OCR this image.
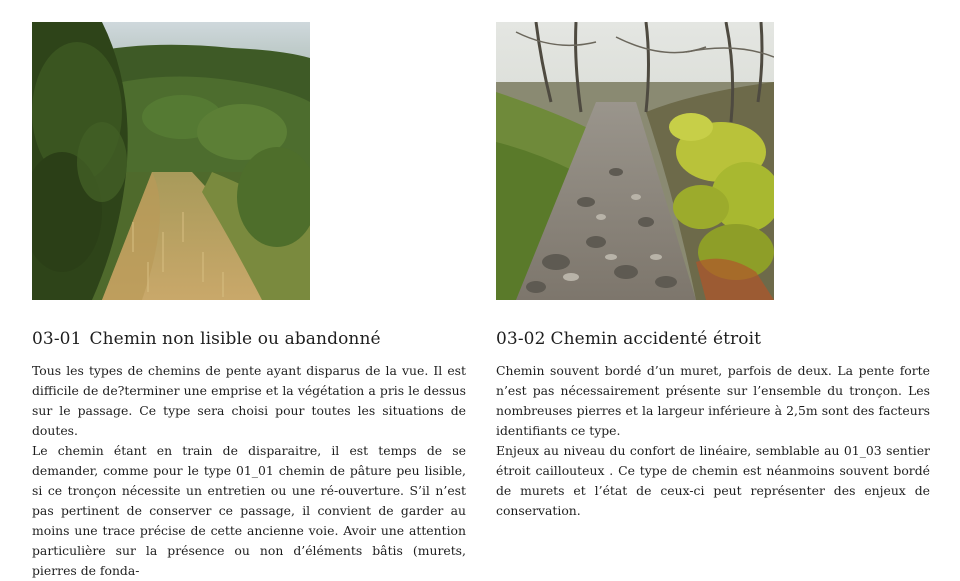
03-01 Chemin non lisible ou abandonné

Tous les types de chemins de pente ayant disparus de la vue. Il est difficile de de?terminer une emprise et la végétation a pris le dessus sur le passage. Ce type sera choisi pour toutes les situations de doutes.

Le chemin étant en train de disparaitre, il est temps de se demander, comme pour le type 01_01 chemin de pâture peu lisible, si ce tronçon nécessite un entretien ou une ré-ouverture. S’il n’est pas pertinent de conserver ce passage, il convient de garder au moins une trace précise de cette ancienne voie. Avoir une attention particulière sur la présence ou non d’éléments bâtis (murets, pierres de fonda-

03-02 Chemin accidenté étroit

Chemin souvent bordé d’un muret, parfois de deux. La pente forte n’est pas nécessairement présente sur l’ensemble du tronçon. Les nombreuses pierres et la largeur inférieure à 2,5m sont des facteurs identifiants ce type.

Enjeux au niveau du confort de linéaire, semblable au 01_03 sentier étroit caillouteux . Ce type de chemin est néanmoins souvent bordé de murets et l’état de ceux-ci peut représenter des enjeux de conservation.
